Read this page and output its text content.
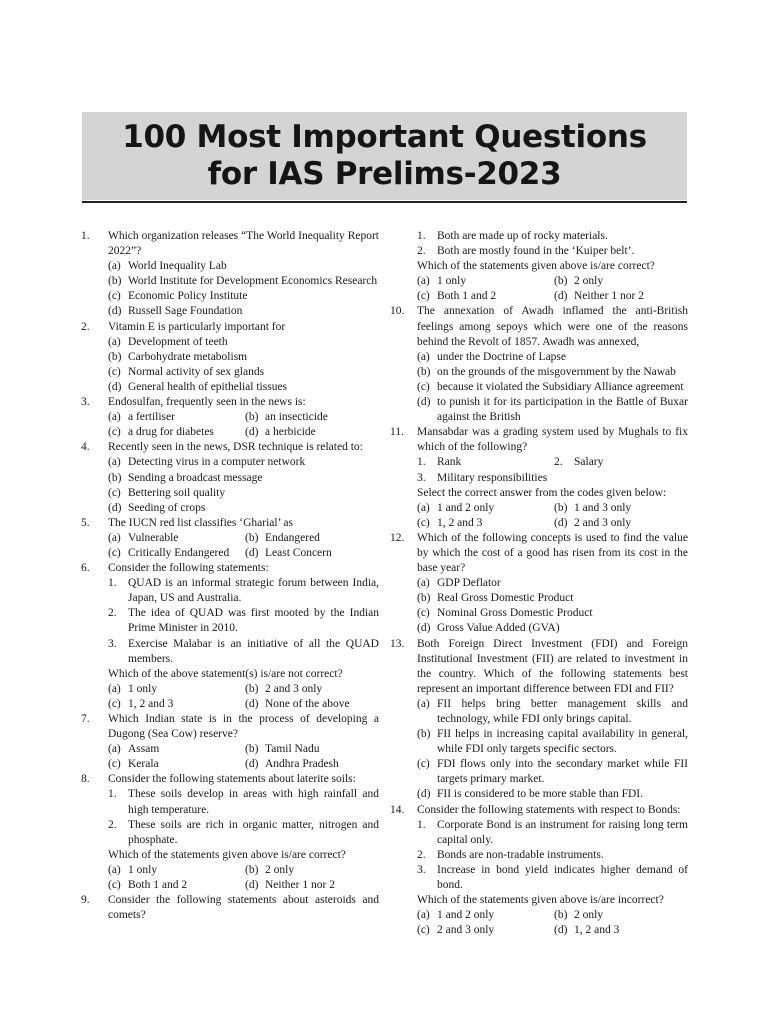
100 Most Important Questions
for IAS Prelims-2023
1.	Which organization releases “The World Inequality Report 2022”?
(a) World Inequality Lab
(b) World Institute for Development Economics Research
(c) Economic Policy Institute
(d) Russell Sage Foundation
2.	Vitamin E is particularly important for
(a) Development of teeth
(b) Carbohydrate metabolism
(c) Normal activity of sex glands
(d) General health of epithelial tissues
3.	Endosulfan, frequently seen in the news is:
(a) a fertiliser	(b) an insecticide
(c) a drug for diabetes	(d) a herbicide
4.	Recently seen in the news, DSR technique is related to:
(a) Detecting virus in a computer network
(b) Sending a broadcast message
(c) Bettering soil quality
(d) Seeding of crops
5.	The IUCN red list classifies ‘Gharial’ as
(a) Vulnerable	(b) Endangered
(c) Critically Endangered (d) Least Concern
6.	Consider the following statements:
1. QUAD is an informal strategic forum between India, Japan, US and Australia.
2. The idea of QUAD was first mooted by the Indian Prime Minister in 2010.
3. Exercise Malabar is an initiative of all the QUAD members.
Which of the above statement(s) is/are not correct?
(a) 1 only	(b) 2 and 3 only
(c) 1, 2 and 3	(d) None of the above
7.	Which Indian state is in the process of developing a Dugong (Sea Cow) reserve?
(a) Assam	(b) Tamil Nadu
(c) Kerala	(d) Andhra Pradesh
8.	Consider the following statements about laterite soils:
1. These soils develop in areas with high rainfall and high temperature.
2. These soils are rich in organic matter, nitrogen and phosphate.
Which of the statements given above is/are correct?
(a) 1 only	(b) 2 only
(c) Both 1 and 2	(d) Neither 1 nor 2
9.	Consider the following statements about asteroids and comets?
1. Both are made up of rocky materials.
2. Both are mostly found in the ‘Kuiper belt’.
Which of the statements given above is/are correct?
(a) 1 only	(b) 2 only
(c) Both 1 and 2	(d) Neither 1 nor 2
10.	The annexation of Awadh inflamed the anti-British feelings among sepoys which were one of the reasons behind the Revolt of 1857. Awadh was annexed,
(a) under the Doctrine of Lapse
(b) on the grounds of the misgovernment by the Nawab
(c) because it violated the Subsidiary Alliance agreement
(d) to punish it for its participation in the Battle of Buxar against the British
11.	Mansabdar was a grading system used by Mughals to fix which of the following?
1. Rank	2. Salary
3. Military responsibilities
Select the correct answer from the codes given below:
(a) 1 and 2 only	(b) 1 and 3 only
(c) 1, 2 and 3	(d) 2 and 3 only
12.	Which of the following concepts is used to find the value by which the cost of a good has risen from its cost in the base year?
(a) GDP Deflator
(b) Real Gross Domestic Product
(c) Nominal Gross Domestic Product
(d) Gross Value Added (GVA)
13.	Both Foreign Direct Investment (FDI) and Foreign Institutional Investment (FII) are related to investment in the country. Which of the following statements best represent an important difference between FDI and FII?
(a) FII helps bring better management skills and technology, while FDI only brings capital.
(b) FII helps in increasing capital availability in general, while FDI only targets specific sectors.
(c) FDI flows only into the secondary market while FII targets primary market.
(d) FII is considered to be more stable than FDI.
14.	Consider the following statements with respect to Bonds:
1. Corporate Bond is an instrument for raising long term capital only.
2. Bonds are non-tradable instruments.
3. Increase in bond yield indicates higher demand of bond.
Which of the statements given above is/are incorrect?
(a) 1 and 2 only	(b) 2 only
(c) 2 and 3 only	(d) 1, 2 and 3
